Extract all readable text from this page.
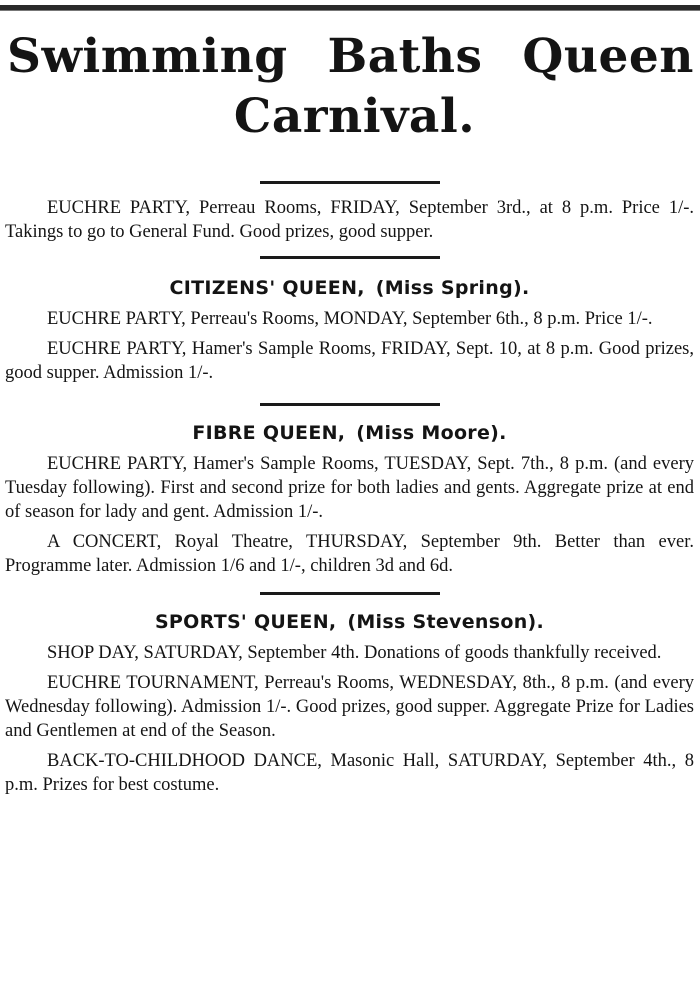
Swimming Baths Queen
Carnival.

EUCHRE PARTY, Perreau Rooms, FRIDAY, September 3rd., at 8 p.m. Price 1/-. Takings to go to General Fund. Good prizes, good supper.

CITIZENS' QUEEN, (Miss Spring).

EUCHRE PARTY, Perreau's Rooms, MONDAY, September 6th., 8 p.m. Price 1/-.

EUCHRE PARTY, Hamer's Sample Rooms, FRIDAY, Sept. 10, at 8 p.m. Good prizes, good supper. Admission 1/-.

FIBRE QUEEN, (Miss Moore).

EUCHRE PARTY, Hamer's Sample Rooms, TUESDAY, Sept. 7th., 8 p.m. (and every Tuesday following). First and second prize for both ladies and gents. Aggregate prize at end of season for lady and gent. Admission 1/-.

A CONCERT, Royal Theatre, THURSDAY, September 9th. Better than ever. Programme later. Admission 1/6 and 1/-, children 3d and 6d.

SPORTS' QUEEN, (Miss Stevenson).

SHOP DAY, SATURDAY, September 4th. Donations of goods thankfully received.

EUCHRE TOURNAMENT, Perreau's Rooms, WEDNESDAY, 8th., 8 p.m. (and every Wednesday following). Admission 1/-. Good prizes, good supper. Aggregate Prize for Ladies and Gentlemen at end of the Season.

BACK-TO-CHILDHOOD DANCE, Masonic Hall, SATURDAY, September 4th., 8 p.m. Prizes for best costume.
